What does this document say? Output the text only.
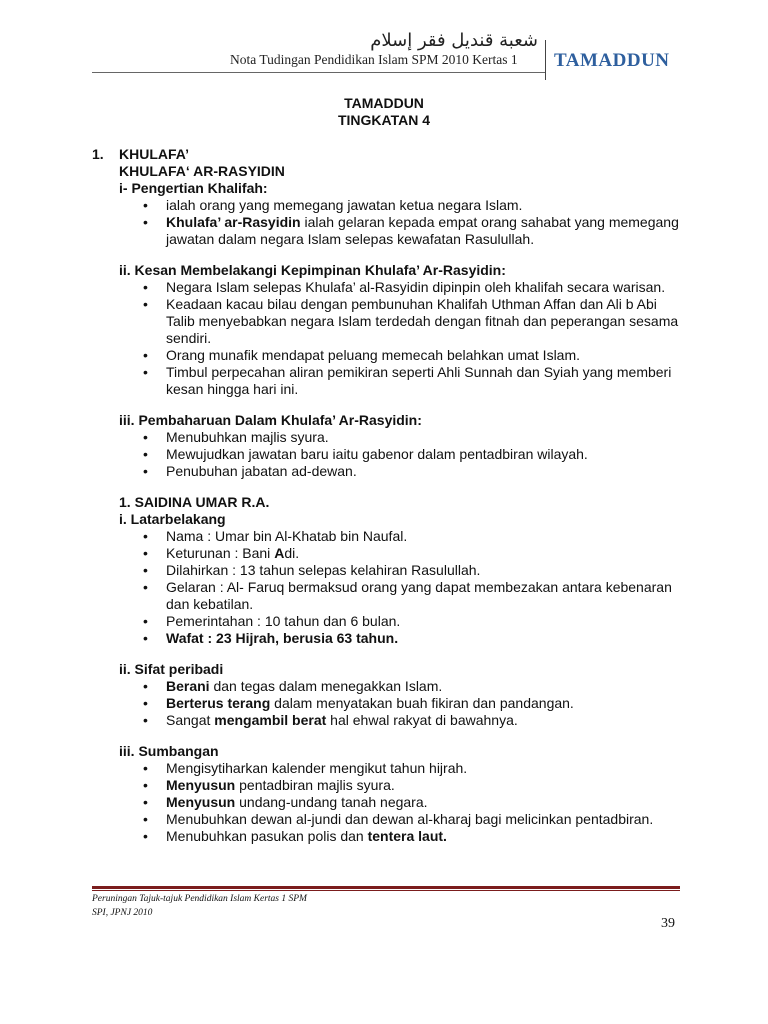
شعبة قنديل فقر إسلام
Nota Tudingan Pendidikan Islam SPM 2010 Kertas 1 TAMADDUN
TAMADDUN
TINGKATAN 4
1. KHULAFA’
KHULAFA‘ AR-RASYIDIN
i- Pengertian Khalifah:
• ialah orang yang memegang jawatan ketua negara Islam.
• Khulafa’ ar-Rasyidin ialah gelaran kepada empat orang sahabat yang memegang
jawatan dalam negara Islam selepas kewafatan Rasulullah.
ii. Kesan Membelakangi Kepimpinan Khulafa’ Ar-Rasyidin:
• Negara Islam selepas Khulafa’ al-Rasyidin dipinpin oleh khalifah secara warisan.
• Keadaan kacau bilau dengan pembunuhan Khalifah Uthman Affan dan Ali b Abi
Talib menyebabkan negara Islam terdedah dengan fitnah dan peperangan sesama
sendiri.
• Orang munafik mendapat peluang memecah belahkan umat Islam.
• Timbul perpecahan aliran pemikiran seperti Ahli Sunnah dan Syiah yang memberi
kesan hingga hari ini.
iii. Pembaharuan Dalam Khulafa’ Ar-Rasyidin:
• Menubuhkan majlis syura.
• Mewujudkan jawatan baru iaitu gabenor dalam pentadbiran wilayah.
• Penubuhan jabatan ad-dewan.
1. SAIDINA UMAR R.A.
i. Latarbelakang
• Nama : Umar bin Al-Khatab bin Naufal.
• Keturunan : Bani Adi.
• Dilahirkan : 13 tahun selepas kelahiran Rasulullah.
• Gelaran : Al- Faruq bermaksud orang yang dapat membezakan antara kebenaran
dan kebatilan.
• Pemerintahan : 10 tahun dan 6 bulan.
• Wafat : 23 Hijrah, berusia 63 tahun.
ii. Sifat peribadi
• Berani dan tegas dalam menegakkan Islam.
• Berterus terang dalam menyatakan buah fikiran dan pandangan.
• Sangat mengambil berat hal ehwal rakyat di bawahnya.
iii. Sumbangan
• Mengisytiharkan kalender mengikut tahun hijrah.
• Menyusun pentadbiran majlis syura.
• Menyusun undang-undang tanah negara.
• Menubuhkan dewan al-jundi dan dewan al-kharaj bagi melicinkan pentadbiran.
• Menubuhkan pasukan polis dan tentera laut.
Peruningan Tajuk-tajuk Pendidikan Islam Kertas 1 SPM
SPI, JPNJ 2010
39
